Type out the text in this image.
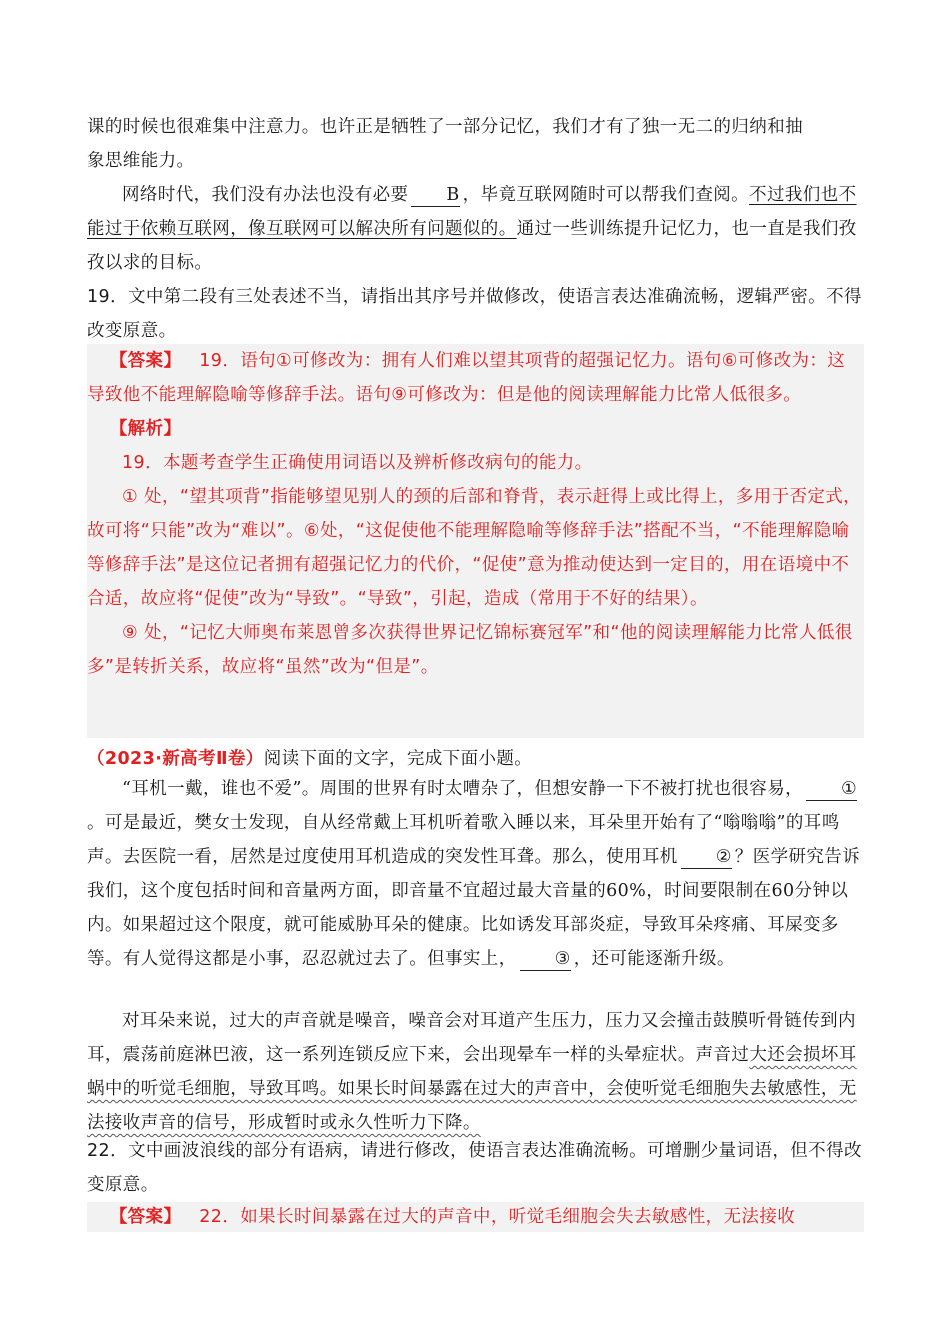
课的时候也很难集中注意力。也许正是牺牲了一部分记忆，我们才有了独一无二的归纳和抽
象思维能力。

网络时代，我们没有办法也没有必要 B ，毕竟互联网随时可以帮我们查阅。不过我们也不能过于依赖互联网，像互联网可以解决所有问题似的。通过一些训练提升记忆力，也一直是我们孜孜以求的目标。

19．文中第二段有三处表述不当，请指出其序号并做修改，使语言表达准确流畅，逻辑严密。不得改变原意。

【答案】 19．语句①可修改为：拥有人们难以望其项背的超强记忆力。语句⑥可修改为：这导致他不能理解隐喻等修辞手法。语句⑨可修改为：但是他的阅读理解能力比常人低很多。

【解析】

19．本题考查学生正确使用词语以及辨析修改病句的能力。

① 处，“望其项背”指能够望见别人的颈的后部和脊背，表示赶得上或比得上，多用于否定式，故可将“只能”改为“难以”。⑥处，“这促使他不能理解隐喻等修辞手法”搭配不当，“不能理解隐喻等修辞手法”是这位记者拥有超强记忆力的代价，“促使”意为推动使达到一定目的，用在语境中不合适，故应将“促使”改为“导致”。“导致”，引起，造成（常用于不好的结果）。

⑨ 处，“记忆大师奥布莱恩曾多次获得世界记忆锦标赛冠军”和“他的阅读理解能力比常人低很多”是转折关系，故应将“虽然”改为“但是”。

（2023·新高考Ⅱ卷）阅读下面的文字，完成下面小题。

“耳机一戴，谁也不爱”。周围的世界有时太嘈杂了，但想安静一下不被打扰也很容易， ①。可是最近，樊女士发现，自从经常戴上耳机听着歌入睡以来，耳朵里开始有了“嗡嗡嗡”的耳鸣声。去医院一看，居然是过度使用耳机造成的突发性耳聋。那么，使用耳机 ② ？医学研究告诉我们，这个度包括时间和音量两方面，即音量不宜超过最大音量的60%，时间要限制在60分钟以内。如果超过这个限度，就可能威胁耳朵的健康。比如诱发耳部炎症，导致耳朵疼痛、耳屎变多等。有人觉得这都是小事，忍忍就过去了。但事实上， ③ ，还可能逐渐升级。

对耳朵来说，过大的声音就是噪音，噪音会对耳道产生压力，压力又会撞击鼓膜听骨链传到内耳，震荡前庭淋巴液，这一系列连锁反应下来，会出现晕车一样的头晕症状。声音过大还会损坏耳蜗中的听觉毛细胞，导致耳鸣。如果长时间暴露在过大的声音中，会使听觉毛细胞失去敏感性，无法接收声音的信号，形成暂时或永久性听力下降。

22．文中画波浪线的部分有语病，请进行修改，使语言表达准确流畅。可增删少量词语，但不得改变原意。

【答案】 22．如果长时间暴露在过大的声音中，听觉毛细胞会失去敏感性，无法接收
